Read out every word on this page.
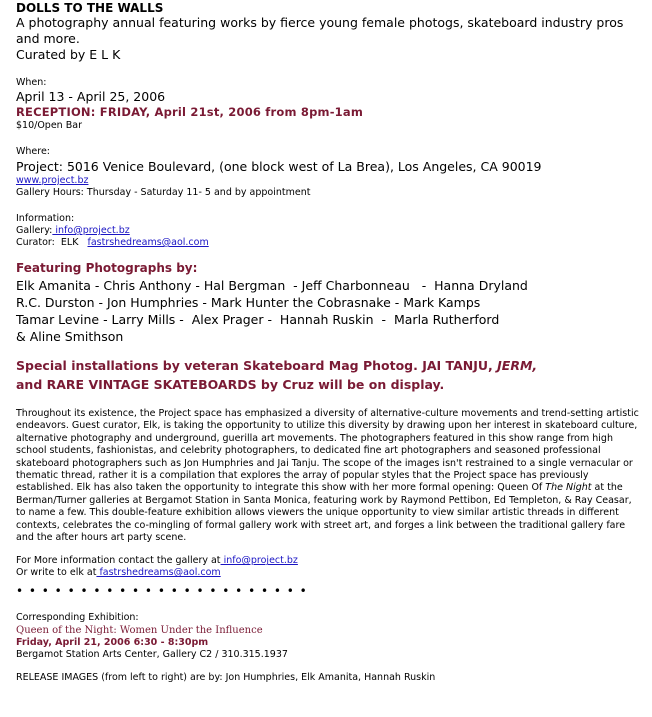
DOLLS TO THE WALLS
A photography annual featuring works by fierce young female photogs, skateboard industry pros and more.
Curated by E L K
When:
April 13 - April 25, 2006
RECEPTION: FRIDAY, April 21st, 2006 from 8pm-1am
$10/Open Bar
Where:
Project: 5016 Venice Boulevard, (one block west of La Brea), Los Angeles, CA 90019
www.project.bz
Gallery Hours: Thursday - Saturday 11- 5 and by appointment
Information:
Gallery: info@project.bz
Curator:  ELK   fastrshedreams@aol.com
Featuring Photographs by:
Elk Amanita - Chris Anthony - Hal Bergman  - Jeff Charbonneau   -  Hanna Dryland
R.C. Durston - Jon Humphries - Mark Hunter the Cobrasnake - Mark Kamps
Tamar Levine - Larry Mills -  Alex Prager -  Hannah Ruskin  -  Marla Rutherford
& Aline Smithson
Special installations by veteran Skateboard Mag Photog. JAI TANJU, JERM,
and RARE VINTAGE SKATEBOARDS by Cruz will be on display.
Throughout its existence, the Project space has emphasized a diversity of alternative-culture movements and trend-setting artistic endeavors. Guest curator, Elk, is taking the opportunity to utilize this diversity by drawing upon her interest in skateboard culture, alternative photography and underground, guerilla art movements. The photographers featured in this show range from high school students, fashionistas, and celebrity photographers, to dedicated fine art photographers and seasoned professional skateboard photographers such as Jon Humphries and Jai Tanju. The scope of the images isn't restrained to a single vernacular or thematic thread, rather it is a compilation that explores the array of popular styles that the Project space has previously established. Elk has also taken the opportunity to integrate this show with her more formal opening: Queen Of The Night at the Berman/Turner galleries at Bergamot Station in Santa Monica, featuring work by Raymond Pettibon, Ed Templeton, & Ray Ceasar, to name a few. This double-feature exhibition allows viewers the unique opportunity to view similar artistic threads in different contexts, celebrates the co-mingling of formal gallery work with street art, and forges a link between the traditional gallery fare and the after hours art party scene.
For More information contact the gallery at info@project.bz
Or write to elk at fastrshedreams@aol.com
• • • • • • • • • • • • • • • • • • • • • • •
Corresponding Exhibition:
Queen of the Night: Women Under the Influence
Friday, April 21, 2006 6:30 - 8:30pm
Bergamot Station Arts Center, Gallery C2 / 310.315.1937
RELEASE IMAGES (from left to right) are by: Jon Humphries, Elk Amanita, Hannah Ruskin
